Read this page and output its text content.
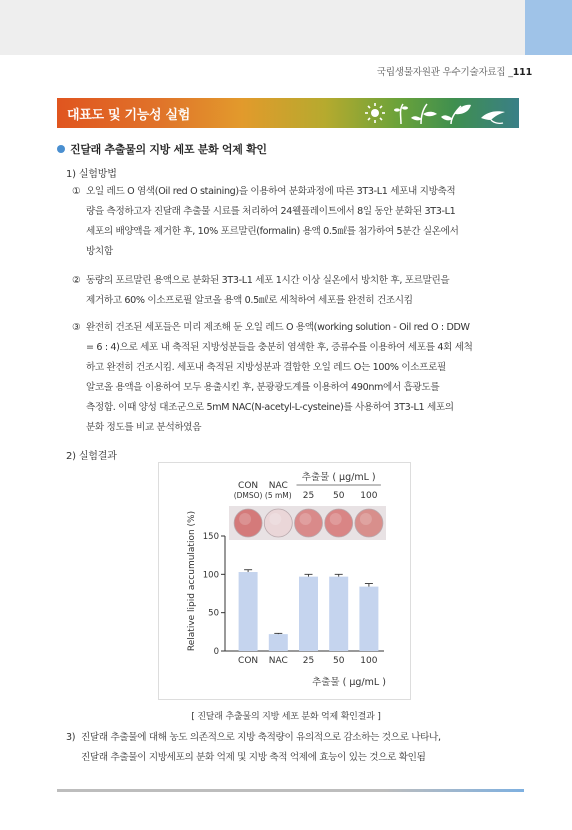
국립생물자원관 우수기술자료집 _111
대표도 및 기능성 실험
진달래 추출물의 지방 세포 분화 억제 확인
1) 실험방법
① 오일 레드 O 염색(Oil red O staining)을 이용하여 분화과정에 따른 3T3-L1 세포내 지방축적
량을 측정하고자 진달래 추출물 시료를 처리하여 24웰플레이트에서 8일 동안 분화된 3T3-L1
세포의 배양액을 제거한 후, 10% 포르말린(formalin) 용액 0.5㎖를 첨가하여 5분간 실온에서
방치함
② 동량의 포르말린 용액으로 분화된 3T3-L1 세포 1시간 이상 실온에서 방치한 후, 포르말린을
제거하고 60% 이소프로필 알코올 용액 0.5㎖로 세척하여 세포를 완전히 건조시킴
③ 완전히 건조된 세포들은 미리 제조해 둔 오일 레드 O 용액(working solution - Oil red O : DDW
= 6 : 4)으로 세포 내 축적된 지방성분들을 충분히 염색한 후, 증류수를 이용하여 세포를 4회 세척
하고 완전히 건조시킴. 세포내 축적된 지방성분과 결합한 오일 레드 O는 100% 이소프로필
알코올 용액을 이용하여 모두 용출시킨 후, 분광광도계를 이용하여 490nm에서 흡광도를
측정함. 이때 양성 대조군으로 5mM NAC(N-acetyl-L-cysteine)를 사용하여 3T3-L1 세포의
분화 정도를 비교 분석하였음
2) 실험결과
추출물 ( μg/mL )
CON
(DMSO)
NAC
(5 mM) 25 50 100
CON NAC 25 50 100
0
50
100
150
Relative lipid accumulation (%)
추출물 ( μg/mL )
[ 진달래 추출물의 지방 세포 분화 억제 확인결과 ]
3) 진달래 추출물에 대해 농도 의존적으로 지방 축적량이 유의적으로 감소하는 것으로 나타나,
진달래 추출물이 지방세포의 분화 억제 및 지방 축적 억제에 효능이 있는 것으로 확인됨
